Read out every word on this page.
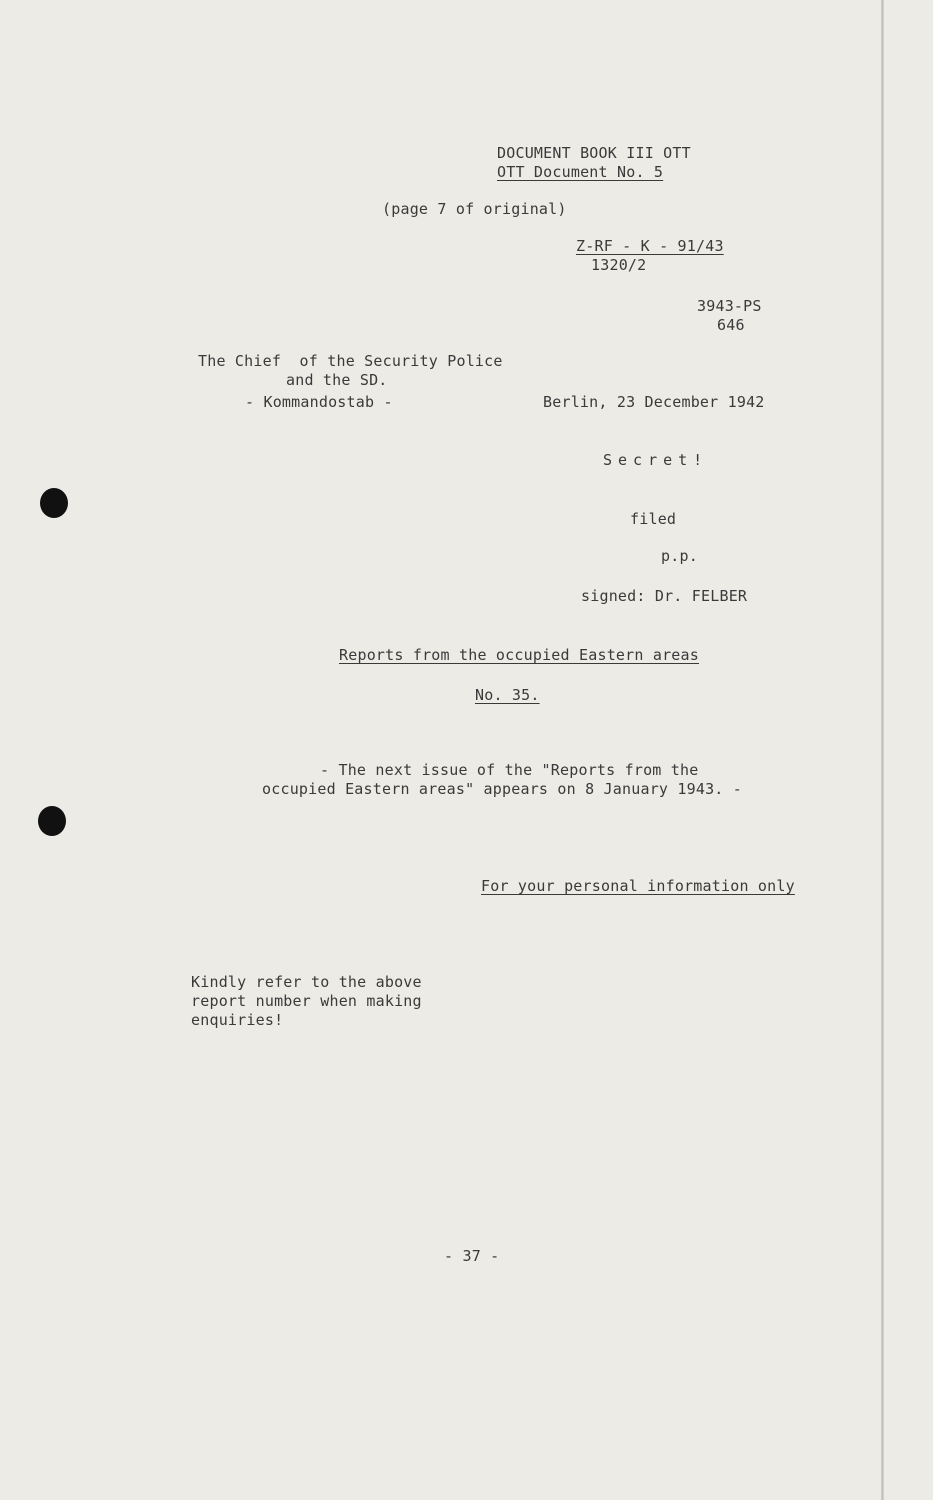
DOCUMENT BOOK III OTT
OTT Document No. 5
(page 7 of original)
Z-RF - K - 91/43
1320/2
3943-PS
646
The Chief  of the Security Police
and the SD.
- Kommandostab -	Berlin, 23 December 1942
Secret!
filed
p.p.
signed: Dr. FELBER
Reports from the occupied Eastern areas
No. 35.
- The next issue of the "Reports from the
occupied Eastern areas" appears on 8 January 1943. -
For your personal information only
Kindly refer to the above
report number when making
enquiries!
- 37 -
